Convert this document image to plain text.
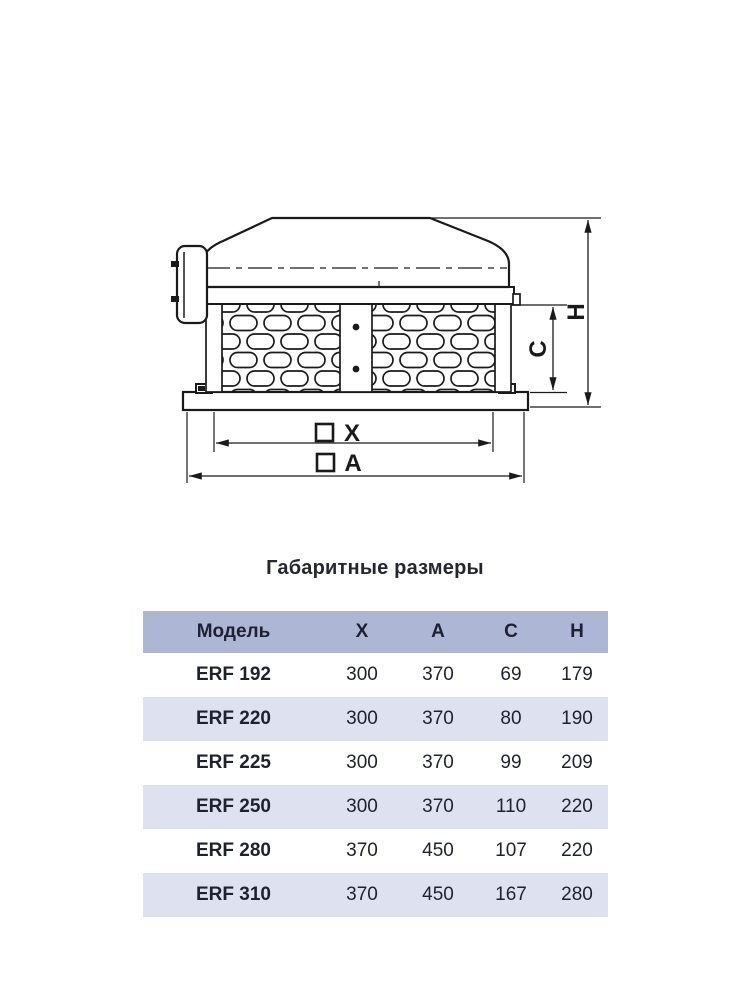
H
C
X
A
Габаритные размеры
Модель	X	A	C	H
ERF 192	300	370	69	179
ERF 220	300	370	80	190
ERF 225	300	370	99	209
ERF 250	300	370	110	220
ERF 280	370	450	107	220
ERF 310	370	450	167	280
